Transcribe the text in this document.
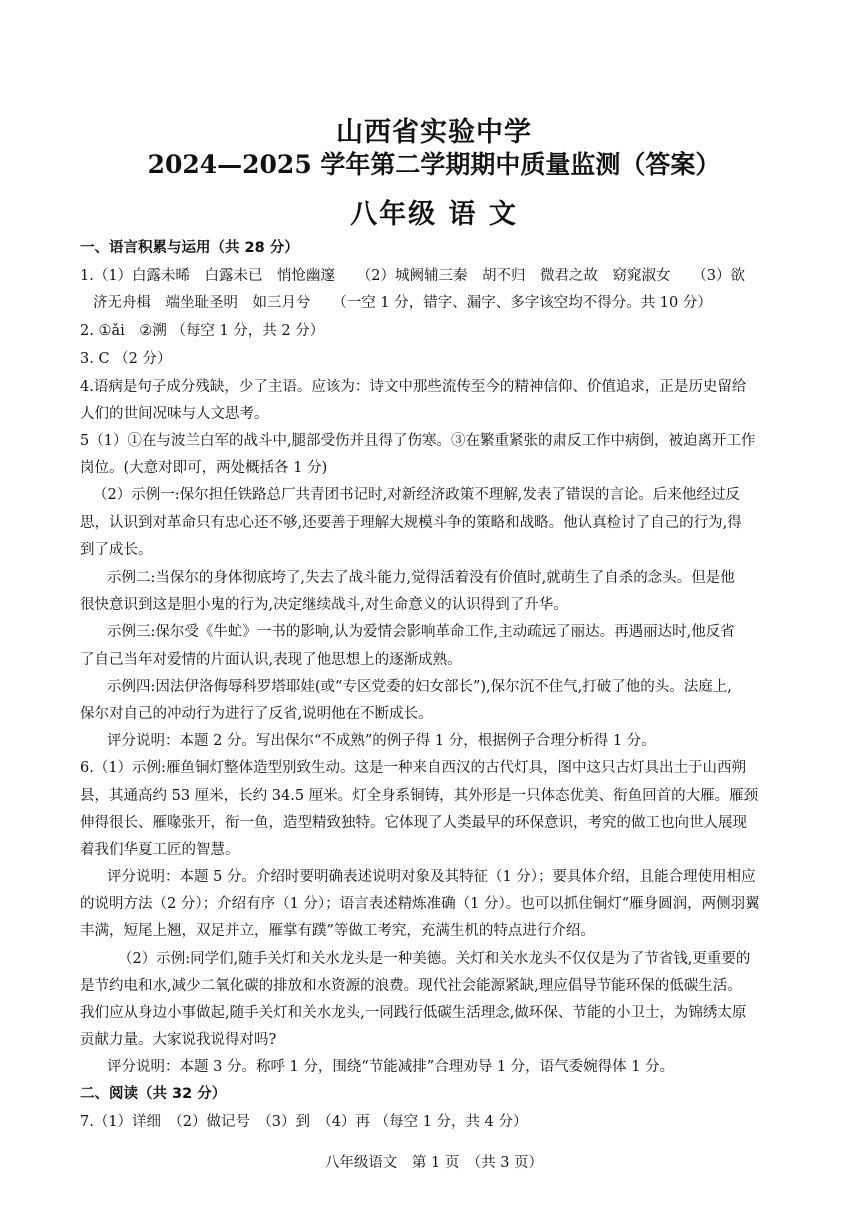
山西省实验中学
2024—2025 学年第二学期期中质量监测（答案）
八年级 语 文
一、语言积累与运用（共 28 分）
1.（1）白露未晞　白露未已　悄怆幽邃　　（2）城阙辅三秦　胡不归　微君之故　窈窕淑女　　（3）欲
济无舟楫　端坐耻圣明　如三月兮　　（一空 1 分，错字、漏字、多字该空均不得分。共 10 分）
2. ①ǎi　②溯 （每空 1 分，共 2 分）
3. C （2 分）
4.语病是句子成分残缺，少了主语。应该为：诗文中那些流传至今的精神信仰、价值追求，正是历史留给
人们的世间况味与人文思考。
5（1）①在与波兰白军的战斗中,腿部受伤并且得了伤寒。③在繁重紧张的肃反工作中病倒，被迫离开工作
岗位。(大意对即可，两处概括各 1 分)
（2）示例一:保尔担任铁路总厂共青团书记时,对新经济政策不理解,发表了错误的言论。后来他经过反
思，认识到对革命只有忠心还不够,还要善于理解大规模斗争的策略和战略。他认真检讨了自己的行为,得
到了成长。
示例二:当保尔的身体彻底垮了,失去了战斗能力,觉得活着没有价值时,就萌生了自杀的念头。但是他
很快意识到这是胆小鬼的行为,决定继续战斗,对生命意义的认识得到了升华。
示例三:保尔受《牛虻》一书的影响,认为爱情会影响革命工作,主动疏远了丽达。再遇丽达时,他反省
了自己当年对爱情的片面认识,表现了他思想上的逐渐成熟。
示例四:因法伊洛侮辱科罗塔耶娃(或“专区党委的妇女部长”),保尔沉不住气,打破了他的头。法庭上,
保尔对自己的冲动行为进行了反省,说明他在不断成长。
评分说明：本题 2 分。写出保尔“不成熟”的例子得 1 分，根据例子合理分析得 1 分。
6.（1）示例:雁鱼铜灯整体造型别致生动。这是一种来自西汉的古代灯具，图中这只古灯具出土于山西朔
县，其通高约 53 厘米，长约 34.5 厘米。灯全身系铜铸，其外形是一只体态优美、衔鱼回首的大雁。雁颈
伸得很长、雁喙张开，衔一鱼，造型精致独特。它体现了人类最早的环保意识，考究的做工也向世人展现
着我们华夏工匠的智慧。
评分说明：本题 5 分。介绍时要明确表述说明对象及其特征（1 分）；要具体介绍，且能合理使用相应
的说明方法（2 分）；介绍有序（1 分）；语言表述精炼准确（1 分）。也可以抓住铜灯“雁身圆润，两侧羽翼
丰满，短尾上翘，双足并立，雁掌有蹼”等做工考究，充满生机的特点进行介绍。
（2）示例:同学们,随手关灯和关水龙头是一种美德。关灯和关水龙头不仅仅是为了节省钱,更重要的
是节约电和水,减少二氧化碳的排放和水资源的浪费。现代社会能源紧缺,理应倡导节能环保的低碳生活。
我们应从身边小事做起,随手关灯和关水龙头,一同践行低碳生活理念,做环保、节能的小卫士，为锦绣太原
贡献力量。大家说我说得对吗?
评分说明：本题 3 分。称呼 1 分，围绕“节能减排”合理劝导 1 分，语气委婉得体 1 分。
二、阅读（共 32 分）
7.（1）详细　（2）做记号　（3）到　（4）再 （每空 1 分，共 4 分）
八年级语文　第 1 页　（共 3 页）
